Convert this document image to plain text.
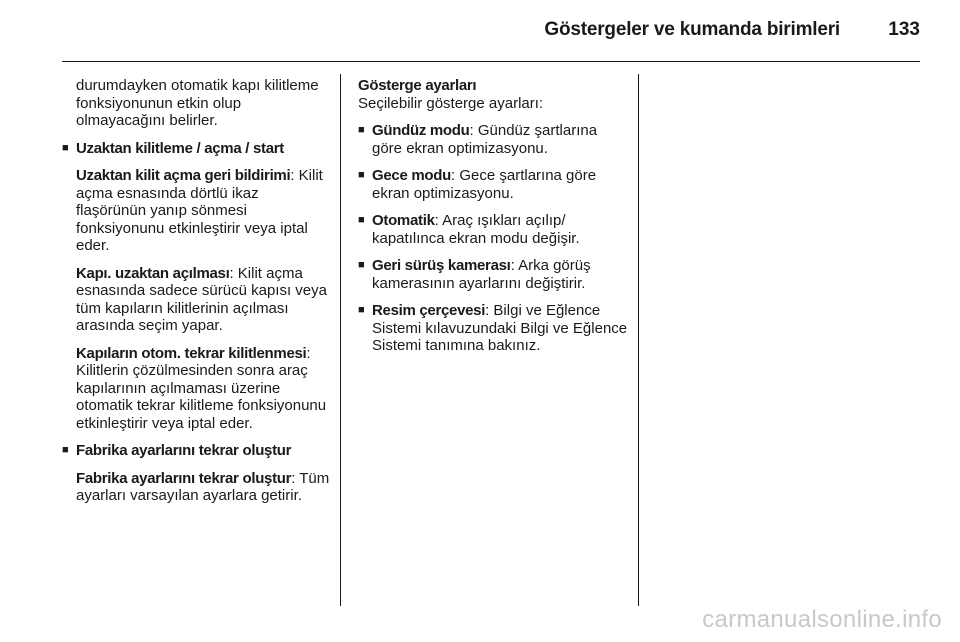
Göstergeler ve kumanda birimleri	133

durumdayken otomatik kapı kilitleme fonksiyonunun etkin olup olmayacağını belirler.

■ Uzaktan kilitleme / açma / start

Uzaktan kilit açma geri bildirimi: Kilit açma esnasında dörtlü ikaz flaşörünün yanıp sönmesi fonksiyonunu etkinleştirir veya iptal eder.

Kapı. uzaktan açılması: Kilit açma esnasında sadece sürücü kapısı veya tüm kapıların kilitlerinin açılması arasında seçim yapar.

Kapıların otom. tekrar kilitlenmesi: Kilitlerin çözülmesinden sonra araç kapılarının açılmaması üzerine otomatik tekrar kilitleme fonksiyonunu etkinleştirir veya iptal eder.

■ Fabrika ayarlarını tekrar oluştur

Fabrika ayarlarını tekrar oluştur: Tüm ayarları varsayılan ayarlara getirir.

Gösterge ayarları

Seçilebilir gösterge ayarları:

■ Gündüz modu: Gündüz şartlarına göre ekran optimizasyonu.
■ Gece modu: Gece şartlarına göre ekran optimizasyonu.
■ Otomatik: Araç ışıkları açılıp/ kapatılınca ekran modu değişir.
■ Geri sürüş kamerası: Arka görüş kamerasının ayarlarını değiştirir.
■ Resim çerçevesi: Bilgi ve Eğlence Sistemi kılavuzundaki Bilgi ve Eğlence Sistemi tanımına bakınız.
carmanualsonline.info
